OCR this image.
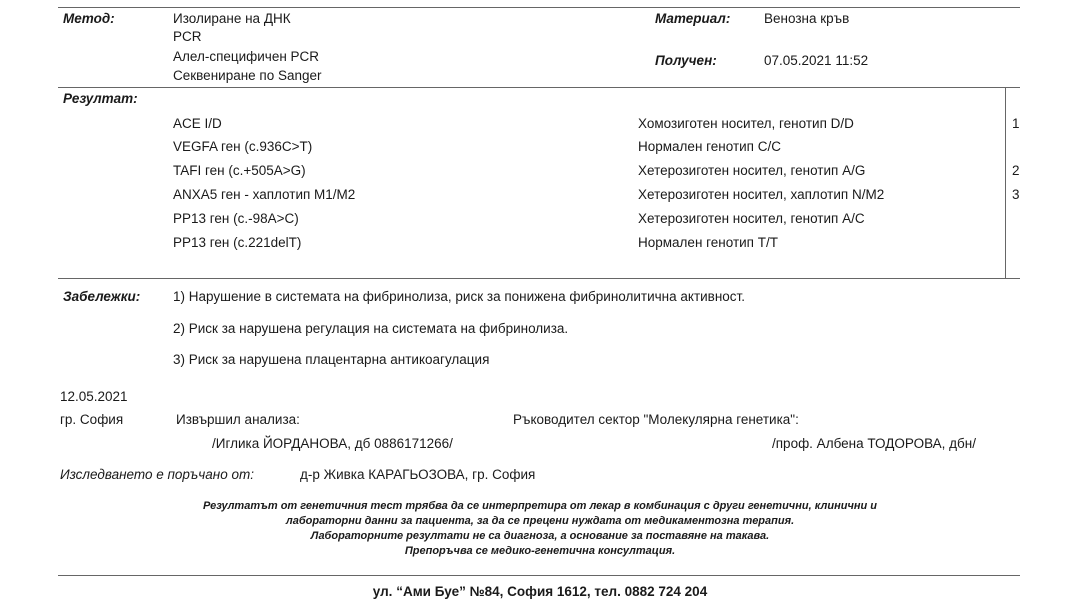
Метод:	Изолиране на ДНК
PCR
Алел-специфичен PCR
Секвениране по Sanger
Материал: Венозна кръв
Получен:	07.05.2021 11:52
Резултат:
ACE I/D	Хомозиготен носител, генотип D/D	1
VEGFA ген (c.936C>T)	Нормален генотип C/C
TAFI ген (c.+505A>G)	Хетерозиготен носител, генотип A/G	2
ANXA5 ген - хаплотип M1/M2	Хетерозиготен носител, хаплотип N/M2	3
PP13 ген (c.-98A>C)	Хетерозиготен носител, генотип A/C
PP13 ген (c.221delT)	Нормален генотип T/T
Забележки: 1) Нарушение в системата на фибринолиза, риск за понижена фибринолитична активност.
2) Риск за нарушена регулация на системата на фибринолиза.
3) Риск за нарушена плацентарна антикоагулация
12.05.2021
гр. София	Извършил анализа:	Ръководител сектор "Молекулярна генетика":
/Иглика ЙОРДАНОВА, дб 0886171266/	/проф. Албена ТОДОРОВА, дбн/
Изследването е поръчано от:	д-р Живка КАРАГЬОЗОВА, гр. София
Резултатът от генетичния тест трябва да се интерпретира от лекар в комбинация с други генетични, клинични и
лабораторни данни за пациента, за да се прецени нуждата от медикаментозна терапия.
Лабораторните резултати не са диагноза, а основание за поставяне на такава.
Препоръчва се медико-генетична консултация.
ул. “Ами Буе” №84, София 1612, тел. 0882 724 204
